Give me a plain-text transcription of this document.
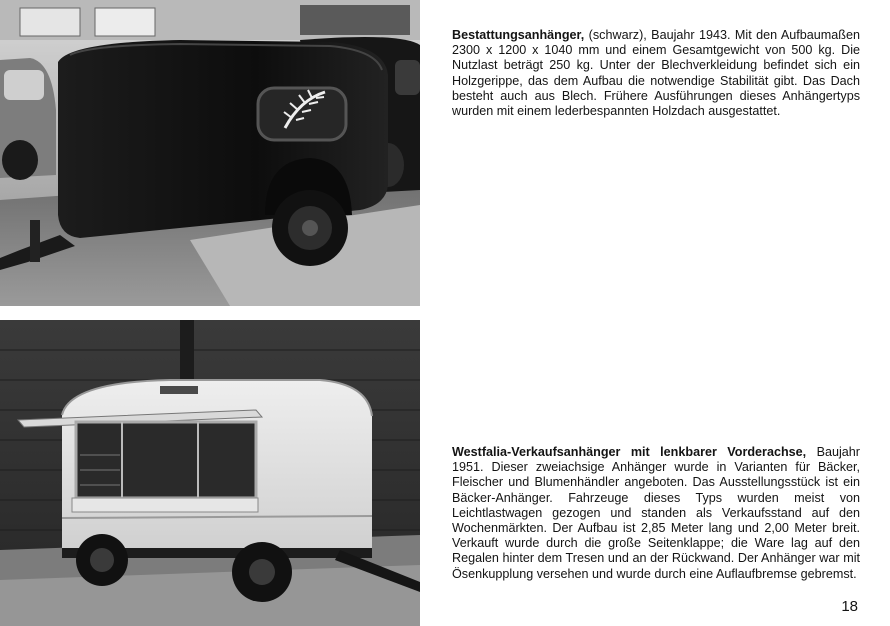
Bestattungsanhänger, (schwarz), Baujahr 1943. Mit den Aufbaumaßen 2300 x 1200 x 1040 mm und einem Gesamtgewicht von 500 kg. Die Nutzlast beträgt 250 kg. Unter der Blechverkleidung befindet sich ein Holzgerippe, das dem Aufbau die notwendige Stabilität gibt. Das Dach besteht auch aus Blech. Frühere Ausführungen dieses Anhängertyps wurden mit einem lederbespannten Holzdach ausgestattet.

Westfalia-Verkaufsanhänger mit lenkbarer Vorderachse, Baujahr 1951. Dieser zweiachsige Anhänger wurde in Varianten für Bäcker, Fleischer und Blumenhändler angeboten. Das Ausstellungsstück ist ein Bäcker-Anhänger. Fahrzeuge dieses Typs wurden meist von Leichtlastwagen gezogen und standen als Verkaufsstand auf den Wochenmärkten. Der Aufbau ist 2,85 Meter lang und 2,00 Meter breit. Verkauft wurde durch die große Seitenklappe; die Ware lag auf den Regalen hinter dem Tresen und an der Rückwand. Der Anhänger war mit Ösenkupplung versehen und wurde durch eine Auflaufbremse gebremst.

18
